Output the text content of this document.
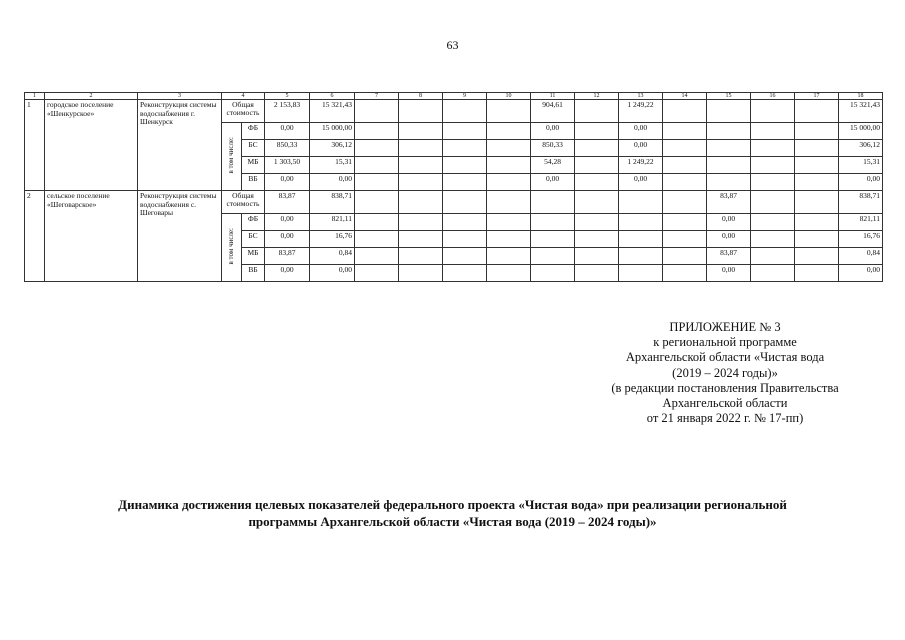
63
1	2	3	4		5	6	7	8	9	10	11	12	13	14	15	16	17	18
1	городское поселение «Шенкурское»	Реконструкция системы водоснабжения г. Шенкурск	Общая стоимость		2 153,83	15 321,43					904,61		1 249,22					15 321,43
			в том числе:	ФБ	0,00	15 000,00					0,00		0,00					15 000,00
				БС	850,33	306,12					850,33		0,00					306,12
				МБ	1 303,50	15,31					54,28		1 249,22					15,31
				ВБ	0,00	0,00					0,00		0,00					0,00
2	сельское поселение «Шеговарское»	Реконструкция системы водоснабжения с. Шеговары	Общая стоимость		83,87	838,71									83,87			838,71
			в том числе:	ФБ	0,00	821,11									0,00			821,11
				БС	0,00	16,76									0,00			16,76
				МБ	83,87	0,84									83,87			0,84
				ВБ	0,00	0,00									0,00			0,00
ПРИЛОЖЕНИЕ № 3
к региональной программе
Архангельской области «Чистая вода
(2019 – 2024 годы)»
(в редакции постановления Правительства
Архангельской области
от 21 января 2022 г. № 17-пп)
Динамика достижения целевых показателей федерального проекта «Чистая вода» при реализации региональной
программы Архангельской области «Чистая вода (2019 – 2024 годы)»
